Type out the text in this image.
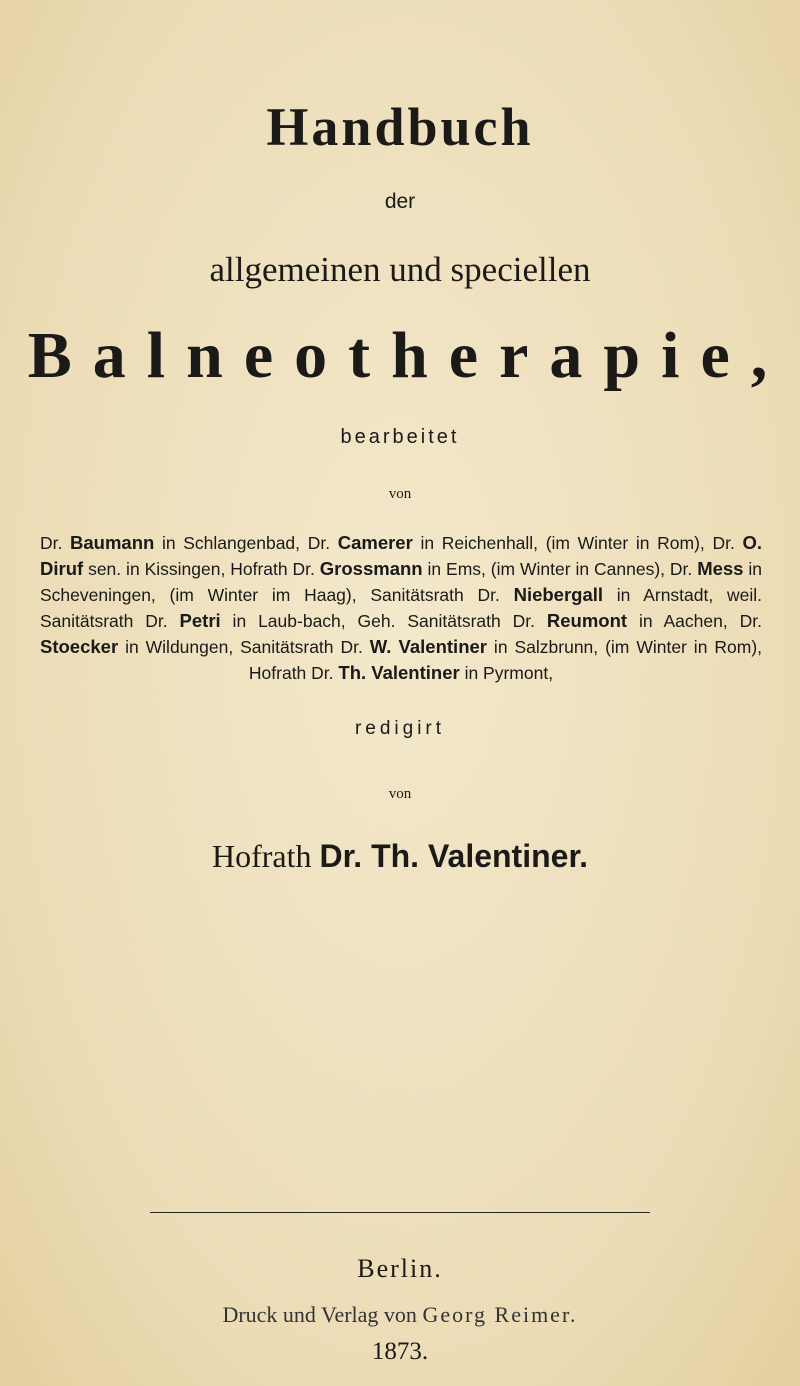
Handbuch
der
allgemeinen und speciellen
Balneotherapie,
bearbeitet
von
Dr. Baumann in Schlangenbad, Dr. Camerer in Reichenhall, (im Winter in Rom), Dr. O. Diruf sen. in Kissingen, Hofrath Dr. Grossmann in Ems, (im Winter in Cannes), Dr. Mess in Scheveningen, (im Winter im Haag), Sanitätsrath Dr. Niebergall in Arnstadt, weil. Sanitätsrath Dr. Petri in Laub-bach, Geh. Sanitätsrath Dr. Reumont in Aachen, Dr. Stoecker in Wildungen, Sanitätsrath Dr. W. Valentiner in Salzbrunn, (im Winter in Rom), Hofrath Dr. Th. Valentiner in Pyrmont,
redigirt
von
Hofrath Dr. Th. Valentiner.
Berlin.
Druck und Verlag von Georg Reimer.
1873.
